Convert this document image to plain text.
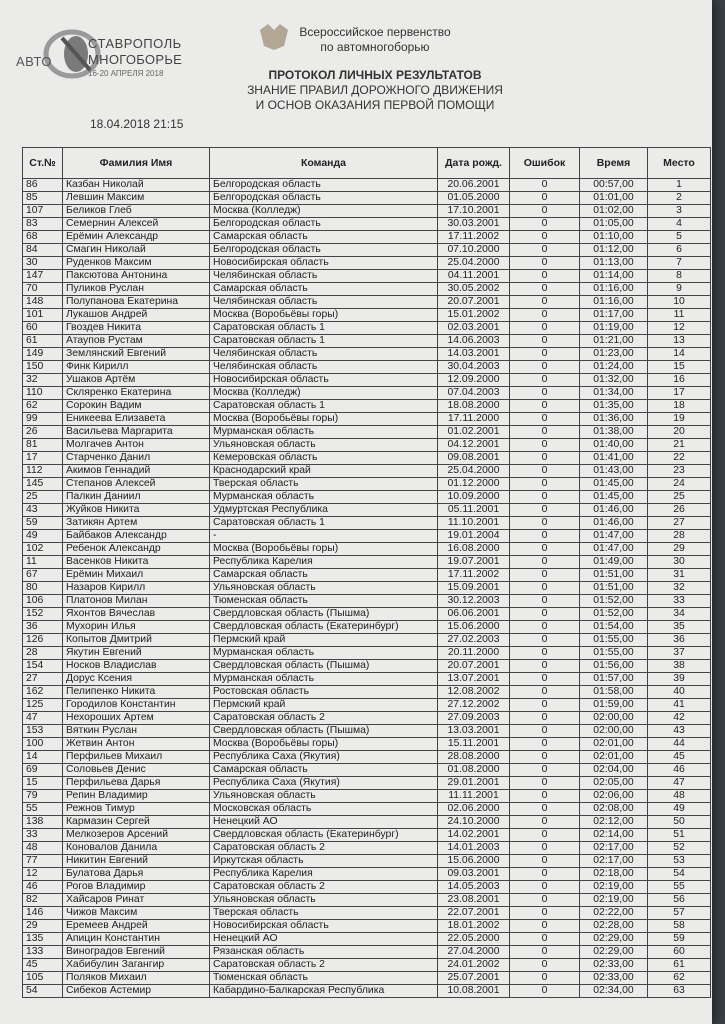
СТАВРОПОЛЬ
АВТО	МНОГОБОРЬЕ
16-20 АПРЕЛЯ 2018
Всероссийское первенство
по автомногоборью
ПРОТОКОЛ ЛИЧНЫХ РЕЗУЛЬТАТОВ
ЗНАНИЕ ПРАВИЛ ДОРОЖНОГО ДВИЖЕНИЯ
И ОСНОВ ОКАЗАНИЯ ПЕРВОЙ ПОМОЩИ
18.04.2018 21:15
Ст.№	Фамилия Имя	Команда	Дата рожд.	Ошибок	Время	Место
86	Казбан Николай	Белгородская область	20.06.2001	0	00:57,00	1
85	Левшин Максим	Белгородская область	01.05.2000	0	01:01,00	2
107	Беликов Глеб	Москва (Колледж)	17.10.2001	0	01:02,00	3
83	Семернин Алексей	Белгородская область	30.03.2001	0	01:05,00	4
68	Ерёмин Александр	Самарская область	17.11.2002	0	01:10,00	5
84	Смагин Николай	Белгородская область	07.10.2000	0	01:12,00	6
30	Руденков Максим	Новосибирская область	25.04.2000	0	01:13,00	7
147	Паксютова Антонина	Челябинская область	04.11.2001	0	01:14,00	8
70	Пуликов Руслан	Самарская область	30.05.2002	0	01:16,00	9
148	Полупанова Екатерина	Челябинская область	20.07.2001	0	01:16,00	10
101	Лукашов Андрей	Москва (Воробьёвы горы)	15.01.2002	0	01:17,00	11
60	Гвоздев Никита	Саратовская область 1	02.03.2001	0	01:19,00	12
61	Атаупов Рустам	Саратовская область 1	14.06.2003	0	01:21,00	13
149	Землянский Евгений	Челябинская область	14.03.2001	0	01:23,00	14
150	Финк Кирилл	Челябинская область	30.04.2003	0	01:24,00	15
32	Ушаков Артём	Новосибирская область	12.09.2000	0	01:32,00	16
110	Скляренко Екатерина	Москва (Колледж)	07.04.2003	0	01:34,00	17
62	Сорокин Вадим	Саратовская область 1	18.08.2000	0	01:35,00	18
99	Еникеева Елизавета	Москва (Воробьёвы горы)	17.11.2000	0	01:36,00	19
26	Васильева Маргарита	Мурманская область	01.02.2001	0	01:38,00	20
81	Молгачев Антон	Ульяновская область	04.12.2001	0	01:40,00	21
17	Старченко Данил	Кемеровская область	09.08.2001	0	01:41,00	22
112	Акимов Геннадий	Краснодарский край	25.04.2000	0	01:43,00	23
145	Степанов Алексей	Тверская область	01.12.2000	0	01:45,00	24
25	Палкин Даниил	Мурманская область	10.09.2000	0	01:45,00	25
43	Жуйков Никита	Удмуртская Республика	05.11.2001	0	01:46,00	26
59	Затикян Артем	Саратовская область 1	11.10.2001	0	01:46,00	27
49	Байбаков Александр	-	19.01.2004	0	01:47,00	28
102	Ребенок Александр	Москва (Воробьёвы горы)	16.08.2000	0	01:47,00	29
11	Васенков Никита	Республика Карелия	19.07.2001	0	01:49,00	30
67	Ерёмин Михаил	Самарская область	17.11.2002	0	01:51,00	31
80	Назаров Кирилл	Ульяновская область	15.09.2001	0	01:51,00	32
106	Платонов Милан	Тюменская область	30.12.2003	0	01:52,00	33
152	Яхонтов Вячеслав	Свердловская область (Пышма)	06.06.2001	0	01:52,00	34
36	Мухорин Илья	Свердловская область (Екатеринбург)	15.06.2000	0	01:54,00	35
126	Копытов Дмитрий	Пермский край	27.02.2003	0	01:55,00	36
28	Якутин Евгений	Мурманская область	20.11.2000	0	01:55,00	37
154	Носков Владислав	Свердловская область (Пышма)	20.07.2001	0	01:56,00	38
27	Дорус Ксения	Мурманская область	13.07.2001	0	01:57,00	39
162	Пелипенко Никита	Ростовская область	12.08.2002	0	01:58,00	40
125	Городилов Константин	Пермский край	27.12.2002	0	01:59,00	41
47	Нехороших Артем	Саратовская область 2	27.09.2003	0	02:00,00	42
153	Вяткин Руслан	Свердловская область (Пышма)	13.03.2001	0	02:00,00	43
100	Жетвин Антон	Москва (Воробьёвы горы)	15.11.2001	0	02:01,00	44
14	Перфильев Михаил	Республика Саха (Якутия)	28.08.2000	0	02:01,00	45
69	Соловьев Денис	Самарская область	01.08.2000	0	02:04,00	46
15	Перфильева Дарья	Республика Саха (Якутия)	29.01.2001	0	02:05,00	47
79	Репин Владимир	Ульяновская область	11.11.2001	0	02:06,00	48
55	Режнов Тимур	Московская область	02.06.2000	0	02:08,00	49
138	Кармазин Сергей	Ненецкий АО	24.10.2000	0	02:12,00	50
33	Мелкозеров Арсений	Свердловская область (Екатеринбург)	14.02.2001	0	02:14,00	51
48	Коновалов Данила	Саратовская область 2	14.01.2003	0	02:17,00	52
77	Никитин Евгений	Иркутская область	15.06.2000	0	02:17,00	53
12	Булатова Дарья	Республика Карелия	09.03.2001	0	02:18,00	54
46	Рогов Владимир	Саратовская область 2	14.05.2003	0	02:19,00	55
82	Хайсаров Ринат	Ульяновская область	23.08.2001	0	02:19,00	56
146	Чижов Максим	Тверская область	22.07.2001	0	02:22,00	57
29	Еремеев Андрей	Новосибирская область	18.01.2002	0	02:28,00	58
135	Апицин Константин	Ненецкий АО	22.05.2000	0	02:29,00	59
133	Виноградов Евгений	Рязанская область	27.04.2000	0	02:29,00	60
45	Хабибулин Загангир	Саратовская область 2	24.01.2002	0	02:33,00	61
105	Поляков Михаил	Тюменская область	25.07.2001	0	02:33,00	62
54	Сибеков Астемир	Кабардино-Балкарская Республика	10.08.2001	0	02:34,00	63
